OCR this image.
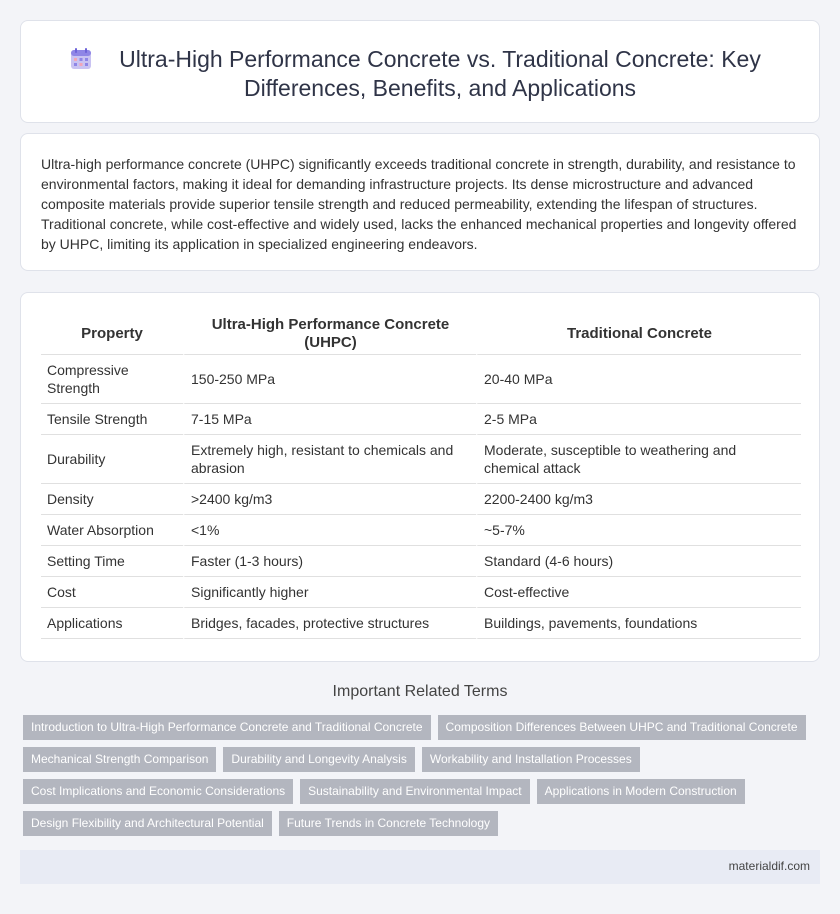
Ultra-High Performance Concrete vs. Traditional Concrete: Key Differences, Benefits, and Applications

Ultra-high performance concrete (UHPC) significantly exceeds traditional concrete in strength, durability, and resistance to environmental factors, making it ideal for demanding infrastructure projects. Its dense microstructure and advanced composite materials provide superior tensile strength and reduced permeability, extending the lifespan of structures. Traditional concrete, while cost-effective and widely used, lacks the enhanced mechanical properties and longevity offered by UHPC, limiting its application in specialized engineering endeavors.

Property	Ultra-High Performance Concrete (UHPC)	Traditional Concrete
Compressive Strength	150-250 MPa	20-40 MPa
Tensile Strength	7-15 MPa	2-5 MPa
Durability	Extremely high, resistant to chemicals and abrasion	Moderate, susceptible to weathering and chemical attack
Density	>2400 kg/m3	2200-2400 kg/m3
Water Absorption	<1%	~5-7%
Setting Time	Faster (1-3 hours)	Standard (4-6 hours)
Cost	Significantly higher	Cost-effective
Applications	Bridges, facades, protective structures	Buildings, pavements, foundations
Important Related Terms
Introduction to Ultra-High Performance Concrete and Traditional Concrete	Composition Differences Between UHPC and Traditional Concrete
Mechanical Strength Comparison	Durability and Longevity Analysis	Workability and Installation Processes
Cost Implications and Economic Considerations	Sustainability and Environmental Impact	Applications in Modern Construction
Design Flexibility and Architectural Potential	Future Trends in Concrete Technology
materialdif.com
